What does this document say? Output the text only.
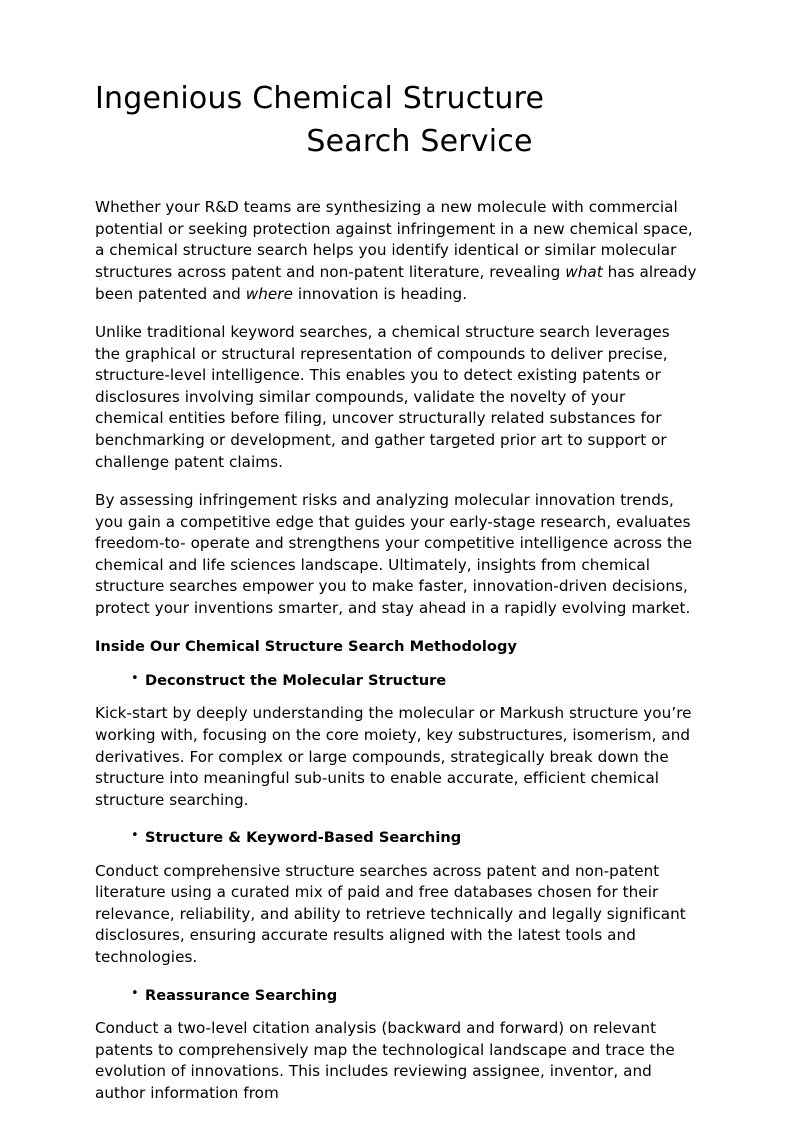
Ingenious Chemical Structure
Search Service

Whether your R&D teams are synthesizing a new molecule with commercial potential or seeking protection against infringement in a new chemical space, a chemical structure search helps you identify identical or similar molecular structures across patent and non-patent literature, revealing what has already been patented and where innovation is heading.

Unlike traditional keyword searches, a chemical structure search leverages the graphical or structural representation of compounds to deliver precise, structure-level intelligence. This enables you to detect existing patents or disclosures involving similar compounds, validate the novelty of your chemical entities before filing, uncover structurally related substances for benchmarking or development, and gather targeted prior art to support or challenge patent claims.

By assessing infringement risks and analyzing molecular innovation trends, you gain a competitive edge that guides your early-stage research, evaluates freedom-to- operate and strengthens your competitive intelligence across the chemical and life sciences landscape. Ultimately, insights from chemical structure searches empower you to make faster, innovation-driven decisions, protect your inventions smarter, and stay ahead in a rapidly evolving market.

Inside Our Chemical Structure Search Methodology
• Deconstruct the Molecular Structure

Kick-start by deeply understanding the molecular or Markush structure you’re working with, focusing on the core moiety, key substructures, isomerism, and derivatives. For complex or large compounds, strategically break down the structure into meaningful sub-units to enable accurate, efficient chemical structure searching.

• Structure & Keyword-Based Searching

Conduct comprehensive structure searches across patent and non-patent literature using a curated mix of paid and free databases chosen for their relevance, reliability, and ability to retrieve technically and legally significant disclosures, ensuring accurate results aligned with the latest tools and technologies.

• Reassurance Searching

Conduct a two-level citation analysis (backward and forward) on relevant patents to comprehensively map the technological landscape and trace the evolution of innovations. This includes reviewing assignee, inventor, and author information from
